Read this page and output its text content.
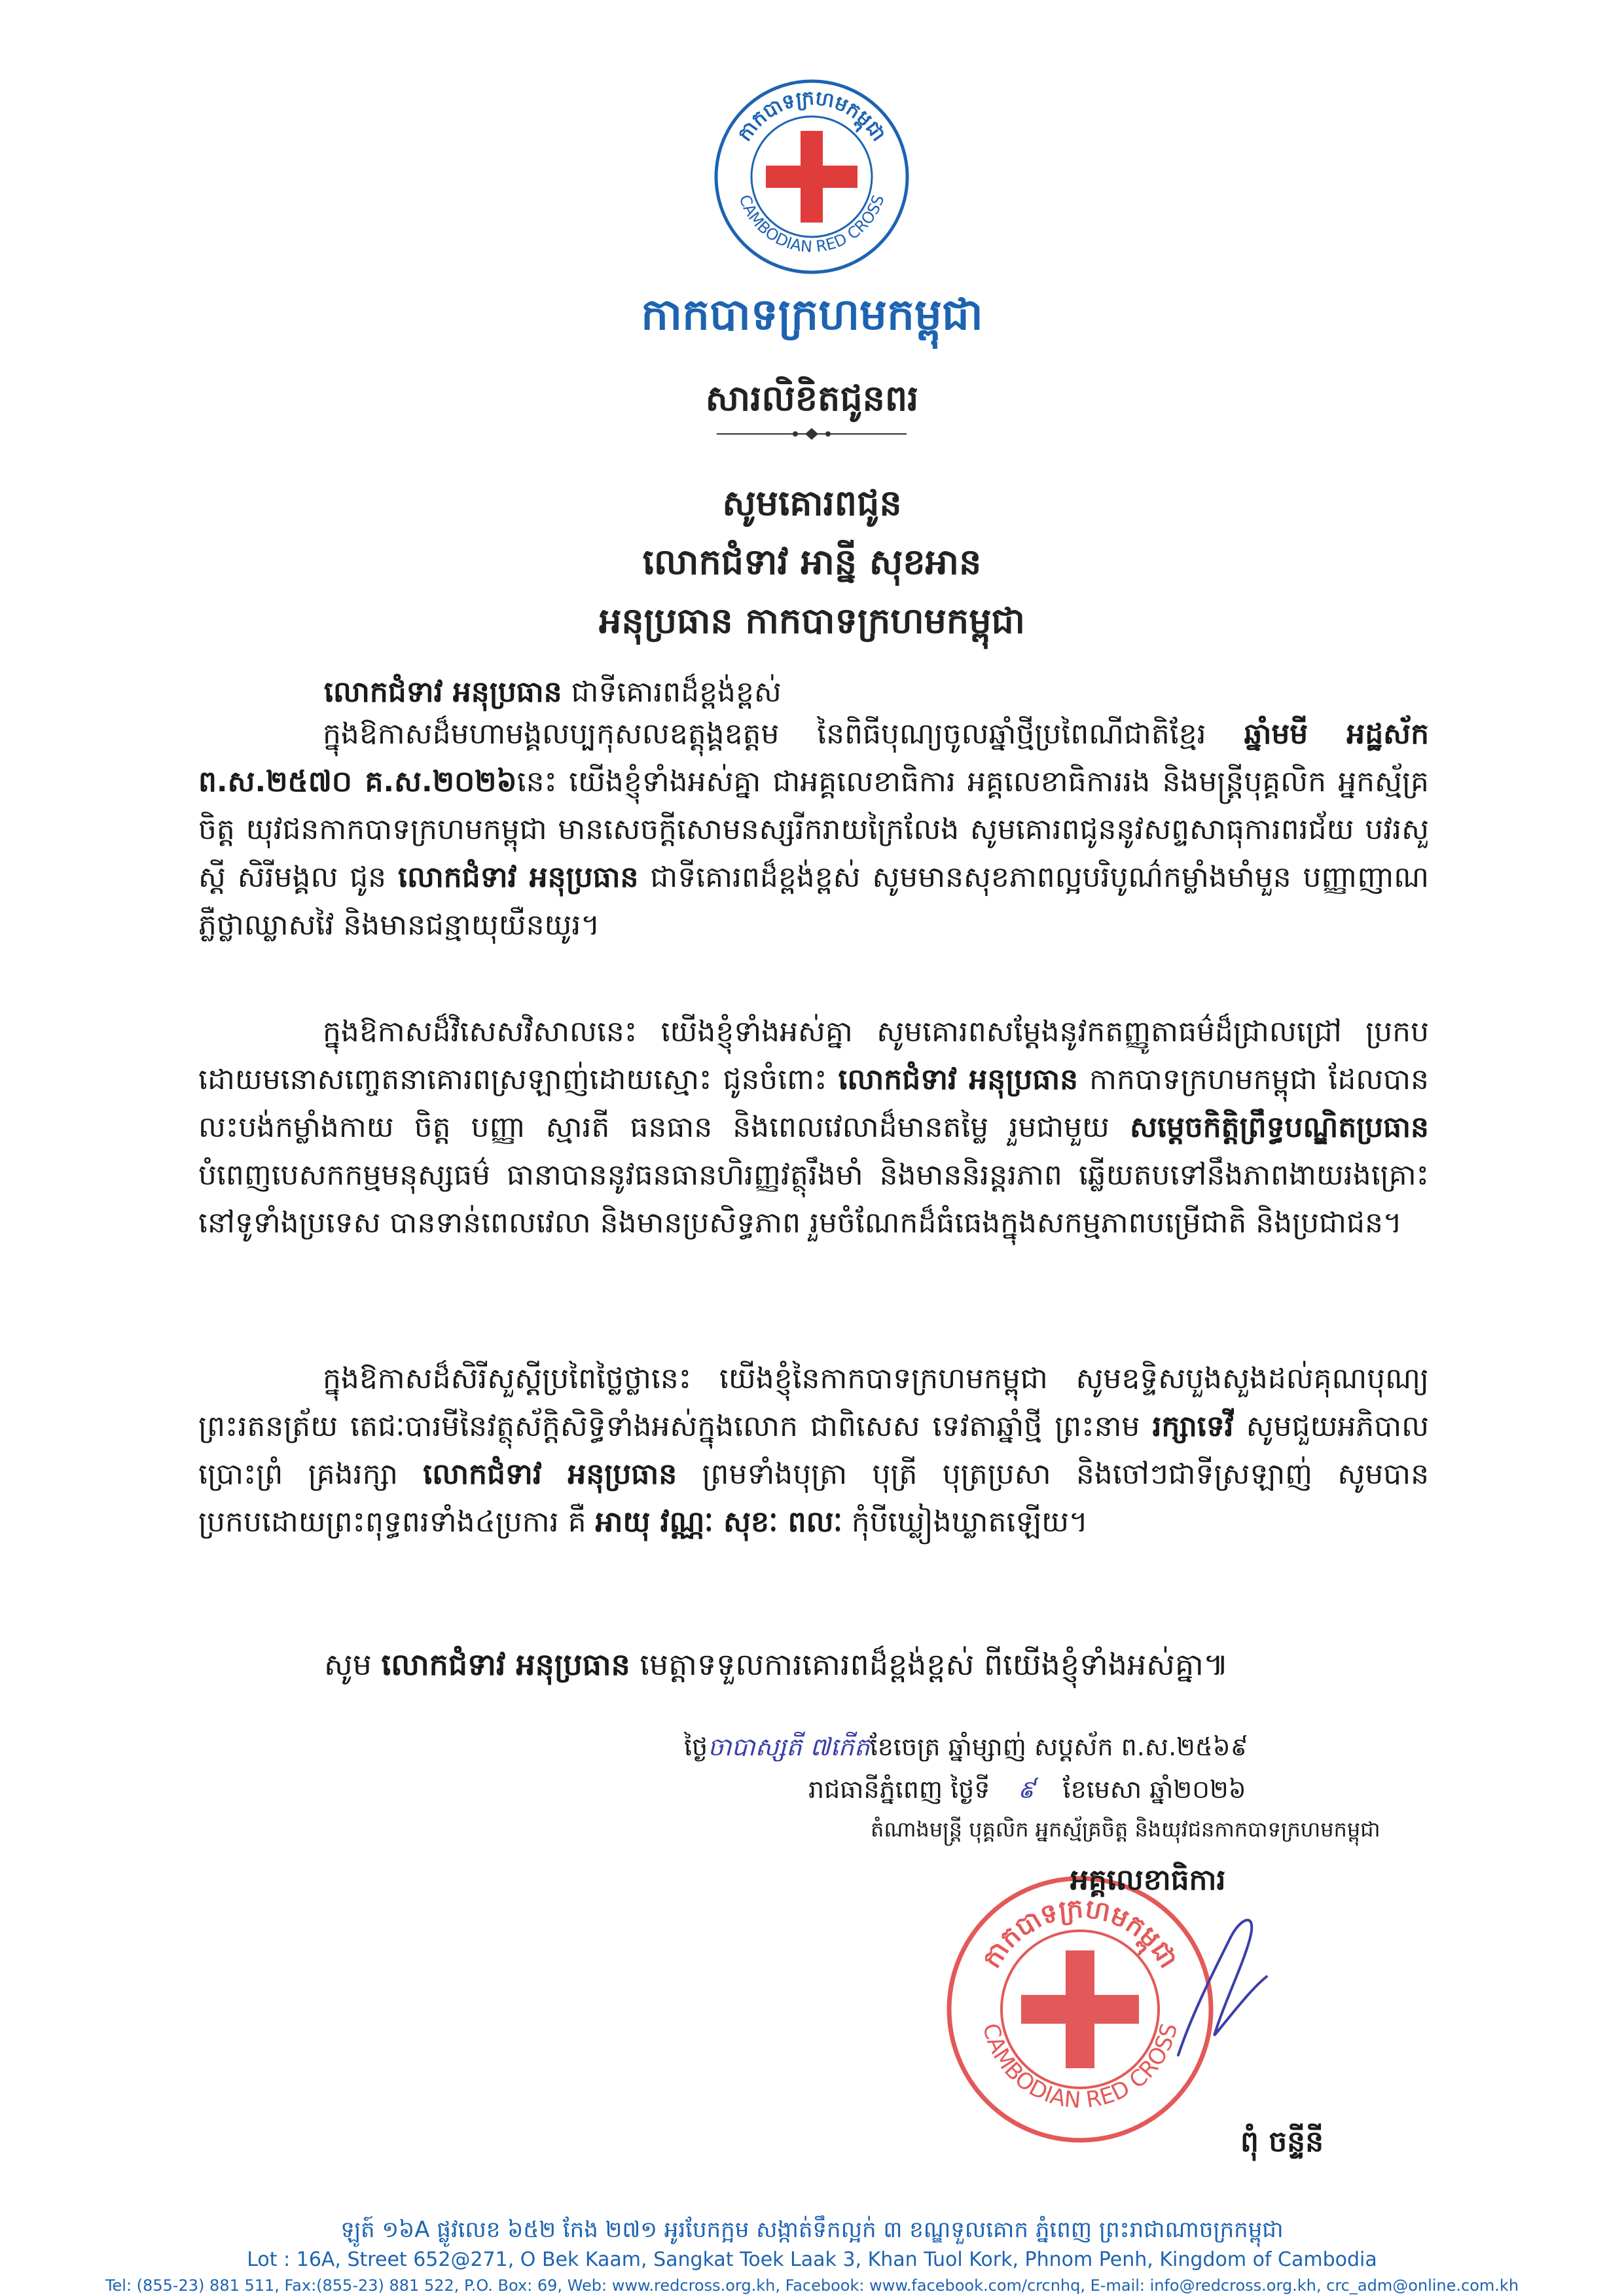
កាកបាទក្រហមកម្ពុជា
CAMBODIAN RED CROSS
កាកបាទក្រហមកម្ពុជា
សារលិខិតជូនពរ
សូមគោរពជូន
លោកជំទាវ អាន្នី សុខអាន
អនុប្រធាន កាកបាទក្រហមកម្ពុជា
លោកជំទាវ អនុប្រធាន ជាទីគោរពដ៏ខ្ពង់ខ្ពស់
ក្នុងឱកាសដ៏មហាមង្គលប្បកុសលឧត្តុង្គឧត្តម នៃពិធីបុណ្យចូលឆ្នាំថ្មីប្រពៃណីជាតិខ្មែរ ឆ្នាំមមី អដ្ឋស័ក ព.ស.២៥៧០ គ.ស.២០២៦នេះ យើងខ្ញុំទាំងអស់គ្នា ជាអគ្គលេខាធិការ អគ្គលេខាធិការរង និងមន្ត្រីបុគ្គលិក អ្នកស្ម័គ្រចិត្ត យុវជនកាកបាទក្រហមកម្ពុជា មានសេចក្តីសោមនស្សរីករាយក្រៃលែង សូមគោរពជូននូវសព្ទសាធុការពរជ័យ បវរសួស្តី សិរីមង្គល ជូន លោកជំទាវ អនុប្រធាន ជាទីគោរពដ៏ខ្ពង់ខ្ពស់ សូមមានសុខភាពល្អបរិបូណ៌កម្លាំងមាំមួន បញ្ញាញាណភ្លឺថ្លាឈ្លាសវៃ និងមានជន្មាយុយឺនយូរ។
ក្នុងឱកាសដ៏វិសេសវិសាលនេះ យើងខ្ញុំទាំងអស់គ្នា សូមគោរពសម្តែងនូវកតញ្ញូតាធម៌ដ៏ជ្រាលជ្រៅ ប្រកបដោយមនោសញ្ចេតនាគោរពស្រឡាញ់ដោយស្មោះ ជូនចំពោះ លោកជំទាវ អនុប្រធាន កាកបាទក្រហមកម្ពុជា ដែលបានលះបង់កម្លាំងកាយ ចិត្ត បញ្ញា ស្មារតី ធនធាន និងពេលវេលាដ៏មានតម្លៃ រួមជាមួយ សម្តេចកិត្តិព្រឹទ្ធបណ្ឌិតប្រធាន បំពេញបេសកកម្មមនុស្សធម៌ ធានាបាននូវធនធានហិរញ្ញវត្ថុរឹងមាំ និងមាននិរន្តរភាព ឆ្លើយតបទៅនឹងភាពងាយរងគ្រោះនៅទូទាំងប្រទេស បានទាន់ពេលវេលា និងមានប្រសិទ្ធភាព រួមចំណែកដ៏ធំធេងក្នុងសកម្មភាពបម្រើជាតិ និងប្រជាជន។
ក្នុងឱកាសដ៏សិរីសួស្តីប្រពៃថ្លៃថ្លានេះ យើងខ្ញុំនៃកាកបាទក្រហមកម្ពុជា សូមឧទ្ទិសបួងសួងដល់គុណបុណ្យព្រះរតនត្រ័យ តេជៈបារមីនៃវត្ថុស័ក្តិសិទ្ធិទាំងអស់ក្នុងលោក ជាពិសេស ទេវតាឆ្នាំថ្មី ព្រះនាម រក្សាទេវី សូមជួយអភិបាលប្រោះព្រំ គ្រងរក្សា លោកជំទាវ អនុប្រធាន ព្រមទាំងបុត្រា បុត្រី បុត្រប្រសា និងចៅៗជាទីស្រឡាញ់ សូមបានប្រកបដោយព្រះពុទ្ធពរទាំង៤ប្រការ គឺ អាយុ វណ្ណៈ សុខៈ ពលៈ កុំបីឃ្លៀងឃ្លាតឡើយ។
សូម លោកជំទាវ អនុប្រធាន មេត្តាទទួលការគោរពដ៏ខ្ពង់ខ្ពស់ ពីយើងខ្ញុំទាំងអស់គ្នា៕
កាកបាទក្រហមកម្ពុជា
CAMBODIAN RED CROSS
ថ្ងៃចាបាស្សតី ៧កើតខែចេត្រ ឆ្នាំម្សាញ់ សប្តស័ក ព.ស.២៥៦៩
រាជធានីភ្នំពេញ ថ្ងៃទី ៩ ខែមេសា ឆ្នាំ២០២៦
តំណាងមន្ត្រី បុគ្គលិក អ្នកស្ម័គ្រចិត្ត និងយុវជនកាកបាទក្រហមកម្ពុជា
អគ្គលេខាធិការ
ពុំ ចន្ទីនី
ឡូត៍ ១៦A ផ្លូវលេខ ៦៥២ កែង ២៧១ អូរបែកក្អម សង្កាត់ទឹកល្អក់ ៣ ខណ្ឌទួលគោក ភ្នំពេញ ព្រះរាជាណាចក្រកម្ពុជា
Lot : 16A, Street 652@271, O Bek Kaam, Sangkat Toek Laak 3, Khan Tuol Kork, Phnom Penh, Kingdom of Cambodia
Tel: (855-23) 881 511, Fax:(855-23) 881 522, P.O. Box: 69, Web: www.redcross.org.kh, Facebook: www.facebook.com/crcnhq, E-mail: info@redcross.org.kh, crc_adm@online.com.kh
